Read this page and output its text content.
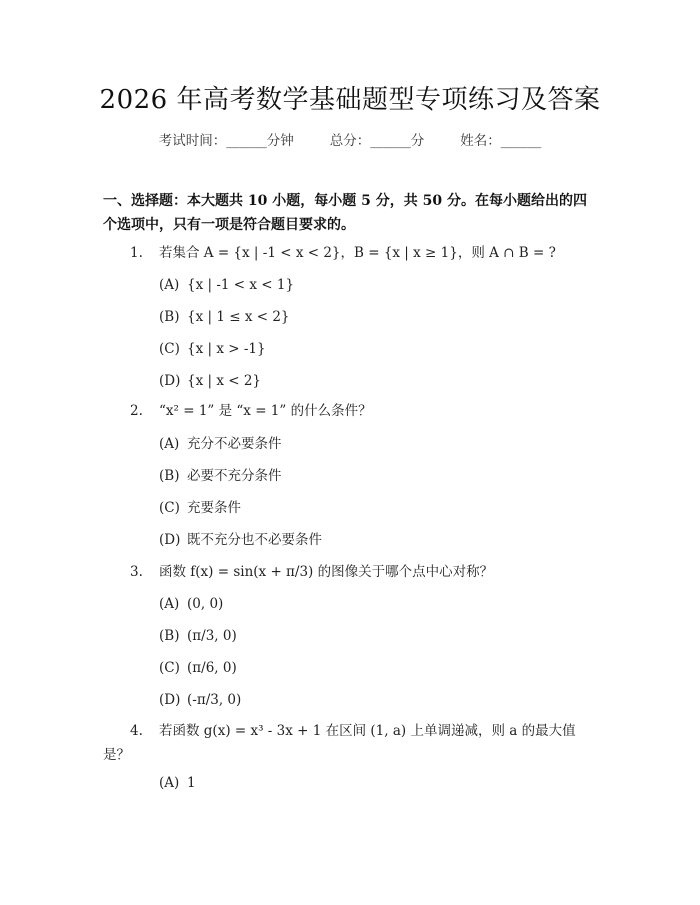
2026 年高考数学基础题型专项练习及答案
考试时间：______分钟	总分：______分	姓名：______
一、选择题：本大题共 10 小题，每小题 5 分，共 50 分。在每小题给出的四个选项中，只有一项是符合题目要求的。
1. 若集合 A = {x | -1 < x < 2}，B = {x | x ≥ 1}，则 A ∩ B = ?
(A) {x | -1 < x < 1}
(B) {x | 1 ≤ x < 2}
(C) {x | x > -1}
(D) {x | x < 2}
2. “x² = 1” 是 “x = 1” 的什么条件？
(A) 充分不必要条件
(B) 必要不充分条件
(C) 充要条件
(D) 既不充分也不必要条件
3. 函数 f(x) = sin(x + π/3) 的图像关于哪个点中心对称？
(A) (0, 0)
(B) (π/3, 0)
(C) (π/6, 0)
(D) (-π/3, 0)
4. 若函数 g(x) = x³ - 3x + 1 在区间 (1, a) 上单调递减，则 a 的最大值是？
(A) 1
